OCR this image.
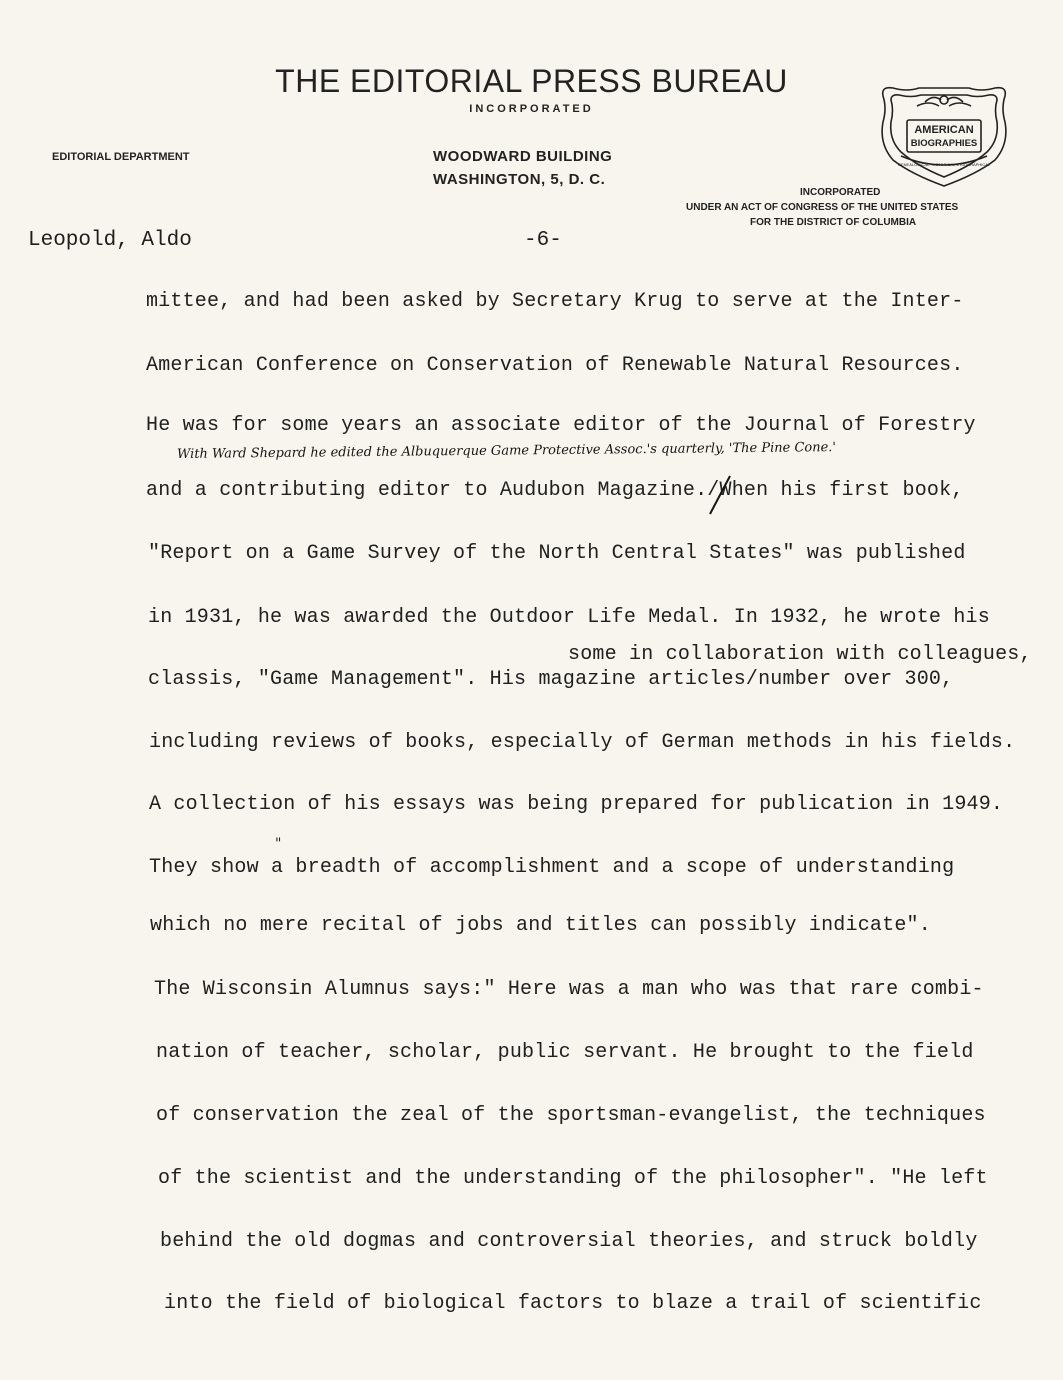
THE EDITORIAL PRESS BUREAU
INCORPORATED
EDITORIAL DEPARTMENT	WOODWARD BUILDING
WASHINGTON, 5, D. C.
INCORPORATED
UNDER AN ACT OF CONGRESS OF THE UNITED STATES
FOR THE DISTRICT OF COLUMBIA
AMERICAN
BIOGRAPHIES
GENEALOGICAL, HISTORICAL & BIOGRAPHICAL
Leopold, Aldo	-6-
mittee, and had been asked by Secretary Krug to serve at the Inter-
American Conference on Conservation of Renewable Natural Resources.
He was for some years an associate editor of the Journal of Forestry
and a contributing editor to Audubon Magazine./When his first book,
"Report on a Game Survey of the North Central States" was published
in 1931, he was awarded the Outdoor Life Medal. In 1932, he wrote his
classis, "Game Management". His magazine articles/number over 300,
including reviews of books, especially of German methods in his fields.
A collection of his essays was being prepared for publication in 1949.
They show a breadth of accomplishment and a scope of understanding
which no mere recital of jobs and titles can possibly indicate".
The Wisconsin Alumnus says:" Here was a man who was that rare combi-
nation of teacher, scholar, public servant. He brought to the field
of conservation the zeal of the sportsman-evangelist, the techniques
of the scientist and the understanding of the philosopher". "He left
behind the old dogmas and controversial theories, and struck boldly
into the field of biological factors to blaze a trail of scientific
With Ward Shepard he edited the Albuquerque Game Protective Assoc.'s quarterly, 'The Pine Cone.'
some in collaboration with colleagues,
"
